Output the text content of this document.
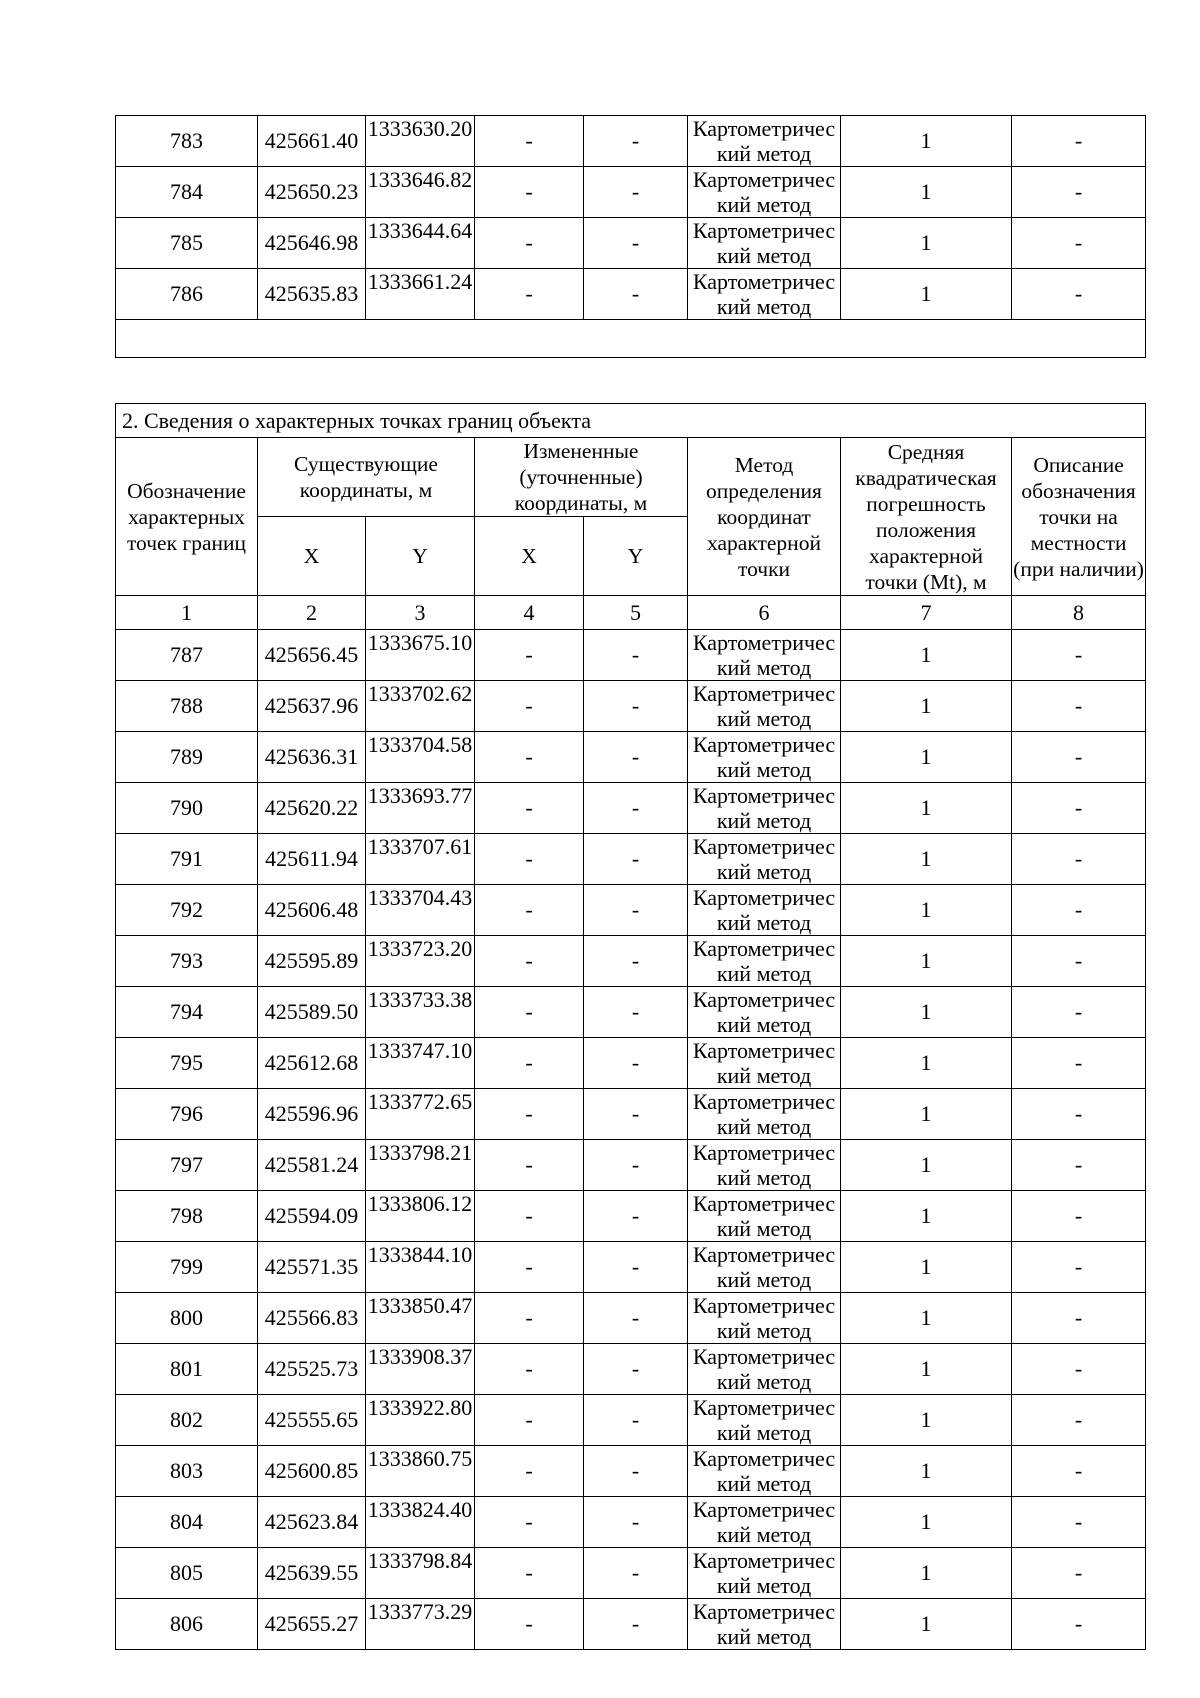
783	425661.40	1333630.20	-	-	Картометрический метод	1	-
784	425650.23	1333646.82	-	-	Картометрический метод	1	-
785	425646.98	1333644.64	-	-	Картометрический метод	1	-
786	425635.83	1333661.24	-	-	Картометрический метод	1	-

2. Сведения о характерных точках границ объекта							
Обозначение характерных точек границ	Существующие координаты, м		Измененные (уточненные) координаты, м		Метод определения координат характерной точки	Средняя квадратическая погрешность положения характерной точки (Mt), м	Описание обозначения точки на местности (при наличии)
	X	Y	X	Y			
1	2	3	4	5	6	7	8
787	425656.45	1333675.10	-	-	Картометрический метод	1	-
788	425637.96	1333702.62	-	-	Картометрический метод	1	-
789	425636.31	1333704.58	-	-	Картометрический метод	1	-
790	425620.22	1333693.77	-	-	Картометрический метод	1	-
791	425611.94	1333707.61	-	-	Картометрический метод	1	-
792	425606.48	1333704.43	-	-	Картометрический метод	1	-
793	425595.89	1333723.20	-	-	Картометрический метод	1	-
794	425589.50	1333733.38	-	-	Картометрический метод	1	-
795	425612.68	1333747.10	-	-	Картометрический метод	1	-
796	425596.96	1333772.65	-	-	Картометрический метод	1	-
797	425581.24	1333798.21	-	-	Картометрический метод	1	-
798	425594.09	1333806.12	-	-	Картометрический метод	1	-
799	425571.35	1333844.10	-	-	Картометрический метод	1	-
800	425566.83	1333850.47	-	-	Картометрический метод	1	-
801	425525.73	1333908.37	-	-	Картометрический метод	1	-
802	425555.65	1333922.80	-	-	Картометрический метод	1	-
803	425600.85	1333860.75	-	-	Картометрический метод	1	-
804	425623.84	1333824.40	-	-	Картометрический метод	1	-
805	425639.55	1333798.84	-	-	Картометрический метод	1	-
806	425655.27	1333773.29	-	-	Картометрический метод	1	-
